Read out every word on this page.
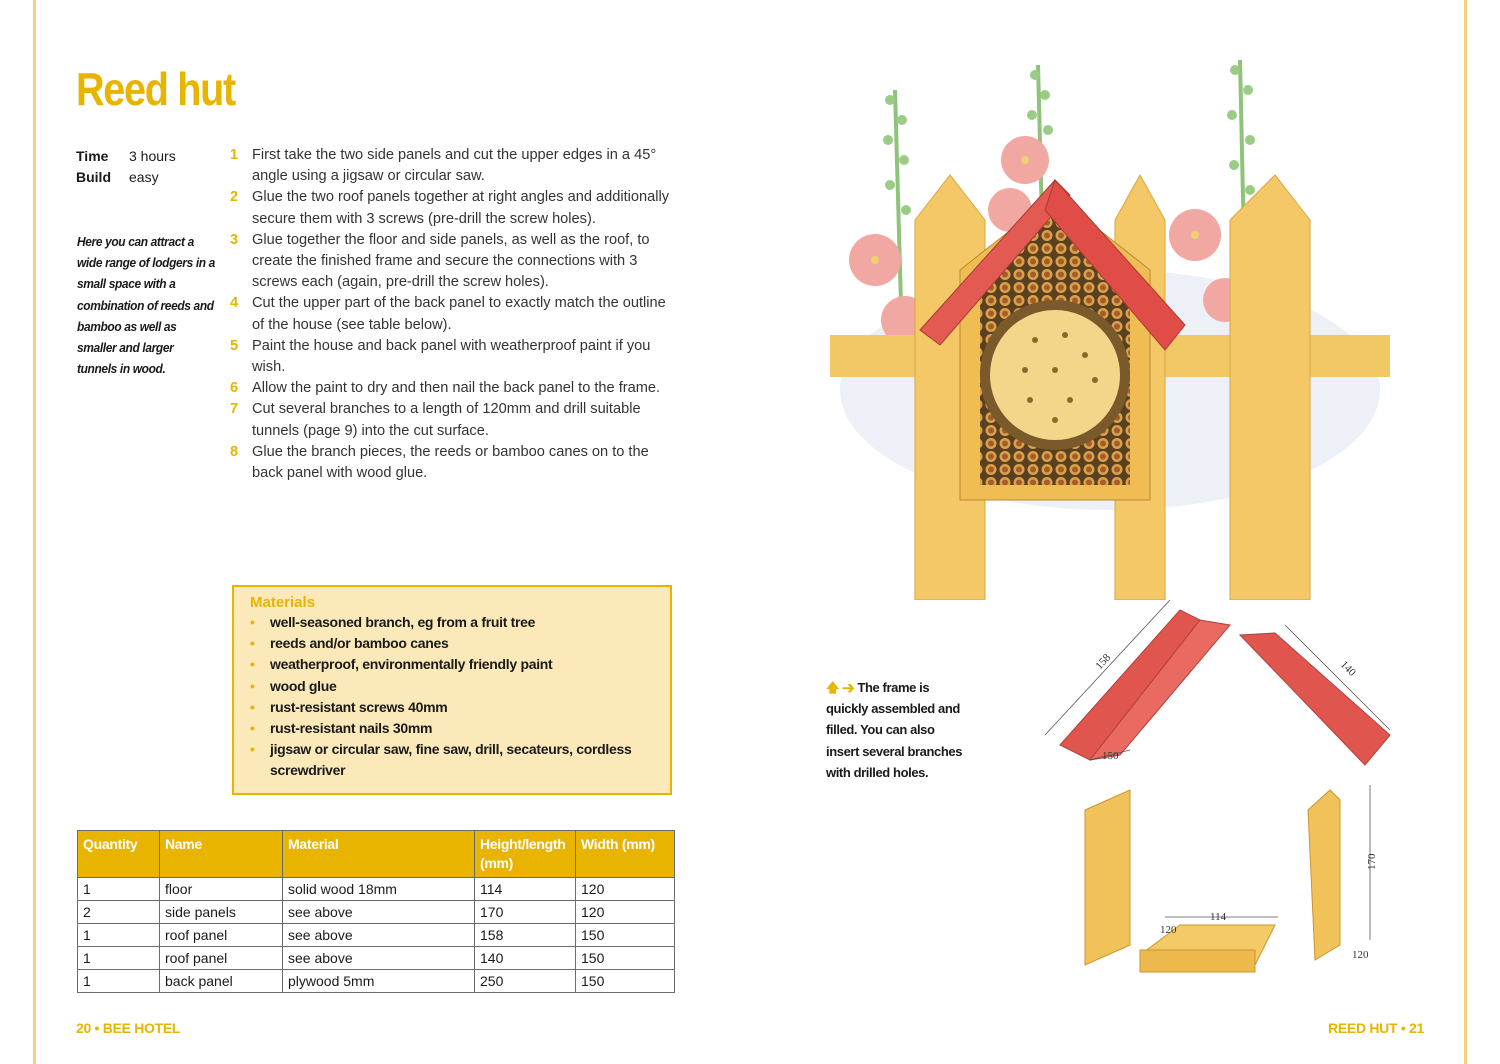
Reed hut
Time	3 hours
Build	easy
Here you can attract a wide range of lodgers in a small space with a combination of reeds and bamboo as well as smaller and larger tunnels in wood.
1 First take the two side panels and cut the upper edges in a 45° angle using a jigsaw or circular saw.
2 Glue the two roof panels together at right angles and additionally secure them with 3 screws (pre-drill the screw holes).
3 Glue together the floor and side panels, as well as the roof, to create the finished frame and secure the connections with 3 screws each (again, pre-drill the screw holes).
4 Cut the upper part of the back panel to exactly match the outline of the house (see table below).
5 Paint the house and back panel with weatherproof paint if you wish.
6 Allow the paint to dry and then nail the back panel to the frame.
7 Cut several branches to a length of 120mm and drill suitable tunnels (page 9) into the cut surface.
8 Glue the branch pieces, the reeds or bamboo canes on to the back panel with wood glue.
Materials
•
well-seasoned branch, eg from a fruit tree
•
reeds and/or bamboo canes
•
weatherproof, environmentally friendly paint
•
wood glue
•
rust-resistant screws 40mm
•
rust-resistant nails 30mm
•
jigsaw or circular saw, fine saw, drill, secateurs, cordless screwdriver
Quantity	Name	Material	Height/length (mm)	Width (mm)
1	floor	solid wood 18mm	114	120
2	side panels	see above	170	120
1	roof panel	see above	158	150
1	roof panel	see above	140	150
1	back panel	plywood 5mm	250	150
🡅 ➔ The frame is quickly assembled and filled. You can also insert several branches with drilled holes.
158
150
140
170
120
114
120
20 • BEE HOTEL	REED HUT • 21
